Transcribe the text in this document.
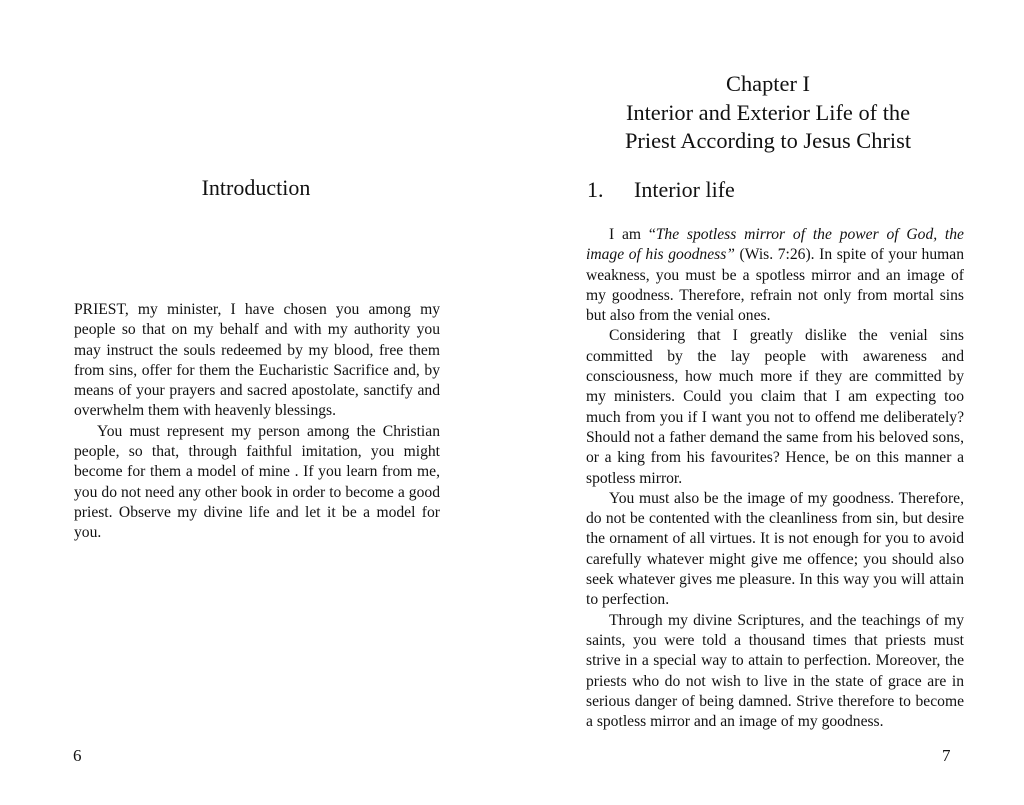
Introduction

PRIEST, my minister, I have chosen you among my people so that on my behalf and with my authority you may instruct the souls redeemed by my blood, free them from sins, offer for them the Eucharistic Sacrifice and, by means of your prayers and sacred apostolate, sanctify and overwhelm them with heavenly blessings.

You must represent my person among the Christian people, so that, through faithful imitation, you might become for them a model of mine . If you learn from me, you do not need any other book in order to become a good priest. Observe my divine life and let it be a model for you.

6
Chapter I
Interior and Exterior Life of the
Priest According to Jesus Christ
1.	Interior life

I am “The spotless mirror of the power of God, the image of his goodness” (Wis. 7:26). In spite of your human weakness, you must be a spotless mirror and an image of my goodness. Therefore, refrain not only from mortal sins but also from the venial ones.

Considering that I greatly dislike the venial sins committed by the lay people with awareness and consciousness, how much more if they are committed by my ministers. Could you claim that I am expecting too much from you if I want you not to offend me deliberately? Should not a father demand the same from his beloved sons, or a king from his favourites? Hence, be on this manner a spotless mirror.

You must also be the image of my goodness. Therefore, do not be contented with the cleanliness from sin, but desire the ornament of all virtues. It is not enough for you to avoid carefully whatever might give me offence; you should also seek whatever gives me pleasure. In this way you will attain to perfection.

Through my divine Scriptures, and the teachings of my saints, you were told a thousand times that priests must strive in a special way to attain to perfection. Moreover, the priests who do not wish to live in the state of grace are in serious danger of being damned. Strive therefore to become a spotless mirror and an image of my goodness.

7
